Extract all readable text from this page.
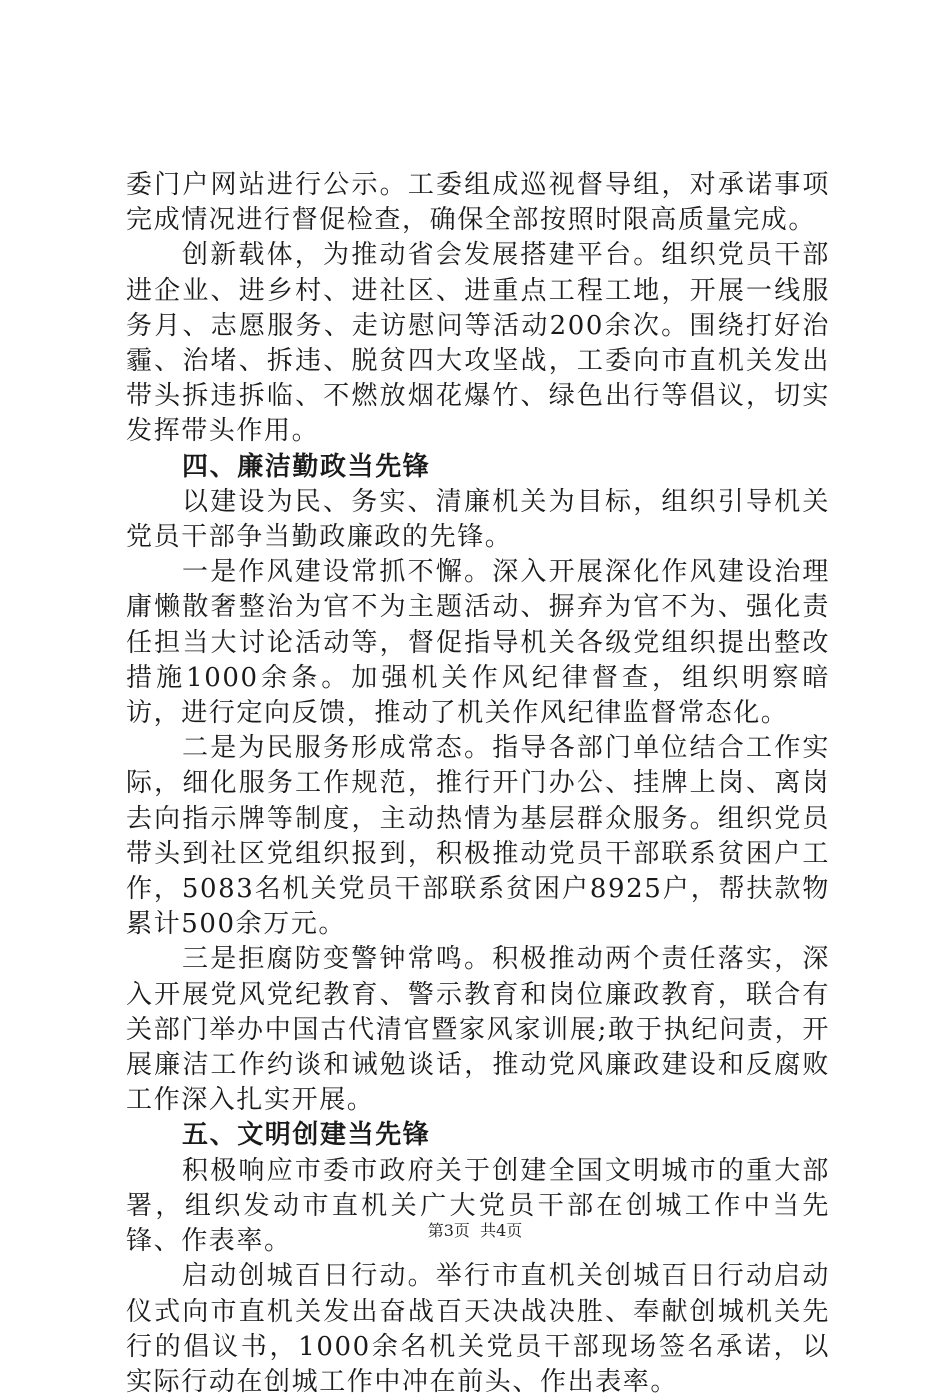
委门户网站进行公示。工委组成巡视督导组，对承诺事项完成情况进行督促检查，确保全部按照时限高质量完成。

创新载体，为推动省会发展搭建平台。组织党员干部进企业、进乡村、进社区、进重点工程工地，开展一线服务月、志愿服务、走访慰问等活动200余次。围绕打好治霾、治堵、拆违、脱贫四大攻坚战，工委向市直机关发出带头拆违拆临、不燃放烟花爆竹、绿色出行等倡议，切实发挥带头作用。

四、廉洁勤政当先锋

以建设为民、务实、清廉机关为目标，组织引导机关党员干部争当勤政廉政的先锋。

一是作风建设常抓不懈。深入开展深化作风建设治理庸懒散奢整治为官不为主题活动、摒弃为官不为、强化责任担当大讨论活动等，督促指导机关各级党组织提出整改措施1000余条。加强机关作风纪律督查，组织明察暗访，进行定向反馈，推动了机关作风纪律监督常态化。

二是为民服务形成常态。指导各部门单位结合工作实际，细化服务工作规范，推行开门办公、挂牌上岗、离岗去向指示牌等制度，主动热情为基层群众服务。组织党员带头到社区党组织报到，积极推动党员干部联系贫困户工作，5083名机关党员干部联系贫困户8925户，帮扶款物累计500余万元。

三是拒腐防变警钟常鸣。积极推动两个责任落实，深入开展党风党纪教育、警示教育和岗位廉政教育，联合有关部门举办中国古代清官暨家风家训展;敢于执纪问责，开展廉洁工作约谈和诫勉谈话，推动党风廉政建设和反腐败工作深入扎实开展。

五、文明创建当先锋

积极响应市委市政府关于创建全国文明城市的重大部署，组织发动市直机关广大党员干部在创城工作中当先锋、作表率。

启动创城百日行动。举行市直机关创城百日行动启动仪式向市直机关发出奋战百天决战决胜、奉献创城机关先行的倡议书，1000余名机关党员干部现场签名承诺，以实际行动在创城工作中冲在前头、作出表率。

第3页 共4页
